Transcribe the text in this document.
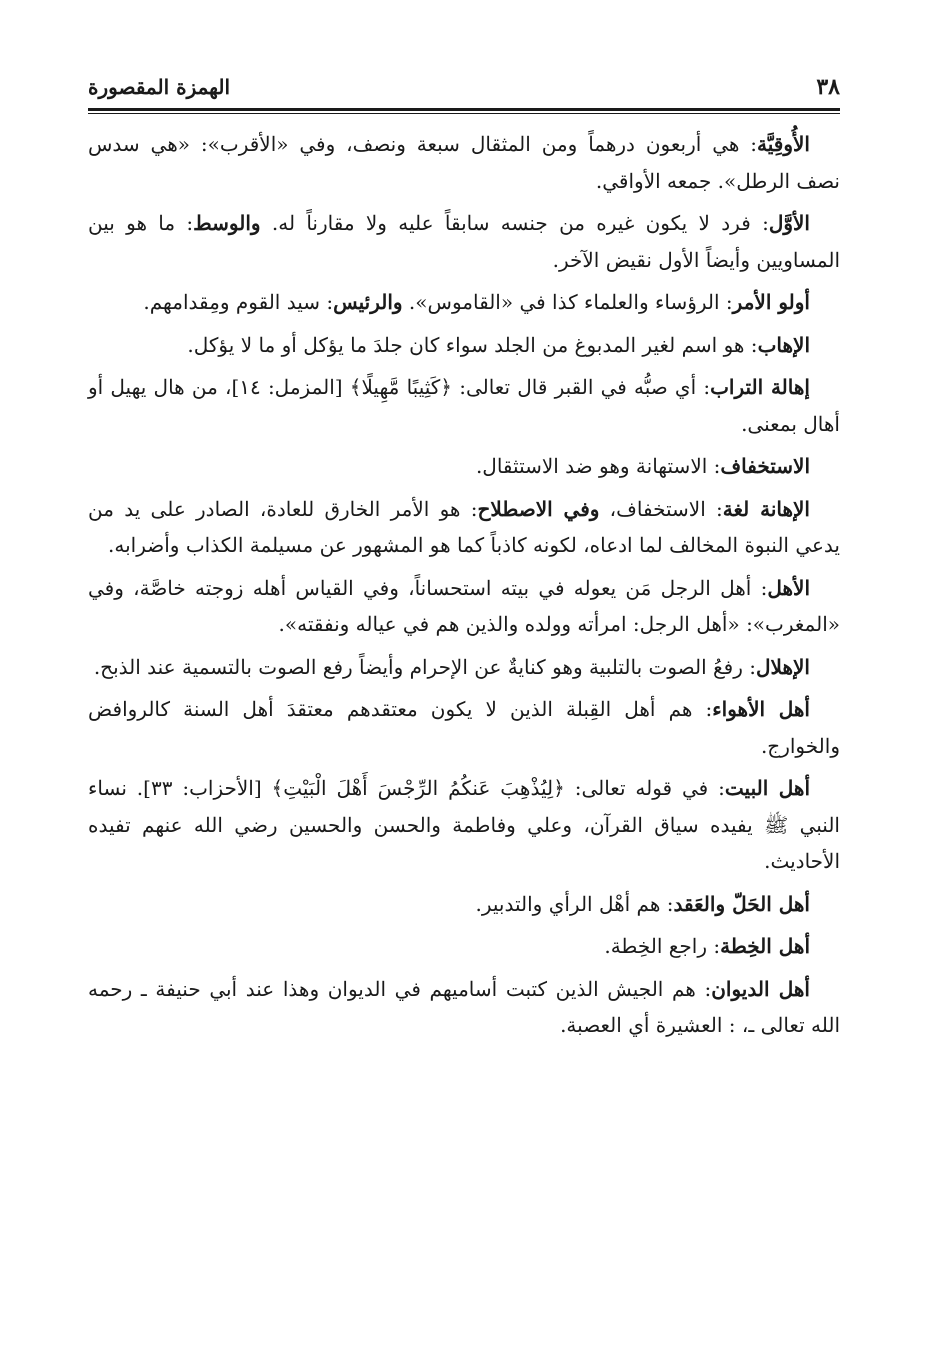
٣٨
الهمزة المقصورة

الأُوقِيَّة: هي أربعون درهماً ومن المثقال سبعة ونصف، وفي «الأقرب»: «هي سدس نصف الرطل». جمعه الأواقي.

الأوَّل: فرد لا يكون غيره من جنسه سابقاً عليه ولا مقارناً له. والوسط: ما هو بين المساويين وأيضاً الأول نقيض الآخر.

أولو الأمر: الرؤساء والعلماء كذا في «القاموس». والرئيس: سيد القوم ومِقدامهم.

الإهاب: هو اسم لغير المدبوغ من الجلد سواء كان جلدَ ما يؤكل أو ما لا يؤكل.

إهالة التراب: أي صبُّه في القبر قال تعالى: ﴿كَثِيبًا مَّهِيلًا﴾ [المزمل: ١٤]، من هال يهيل أو أهال بمعنى.

الاستخفاف: الاستهانة وهو ضد الاستثقال.

الإهانة لغة: الاستخفاف، وفي الاصطلاح: هو الأمر الخارق للعادة، الصادر على يد من يدعي النبوة المخالف لما ادعاه، لكونه كاذباً كما هو المشهور عن مسيلمة الكذاب وأضرابه.

الأهل: أهل الرجل مَن يعوله في بيته استحساناً، وفي القياس أهله زوجته خاصَّة، وفي «المغرب»: «أهل الرجل: امرأته وولده والذين هم في عياله ونفقته».

الإهلال: رفعُ الصوت بالتلبية وهو كنايةٌ عن الإحرام وأيضاً رفع الصوت بالتسمية عند الذبح.

أهل الأهواء: هم أهل القِبلة الذين لا يكون معتقدهم معتقدَ أهل السنة كالروافض والخوارج.

أهل البيت: في قوله تعالى: ﴿لِيُذْهِبَ عَنكُمُ الرِّجْسَ أَهْلَ الْبَيْتِ﴾ [الأحزاب: ٣٣]. نساء النبي ﷺ يفيده سياق القرآن، وعلي وفاطمة والحسن والحسين رضي الله عنهم تفيده الأحاديث.

أهل الحَلّ والعَقد: هم أهْل الرأي والتدبير.

أهل الخِطة: راجع الخِطة.

أهل الديوان: هم الجيش الذين كتبت أساميهم في الديوان وهذا عند أبي حنيفة ـ رحمه الله تعالى ـ، : العشيرة أي العصبة.
